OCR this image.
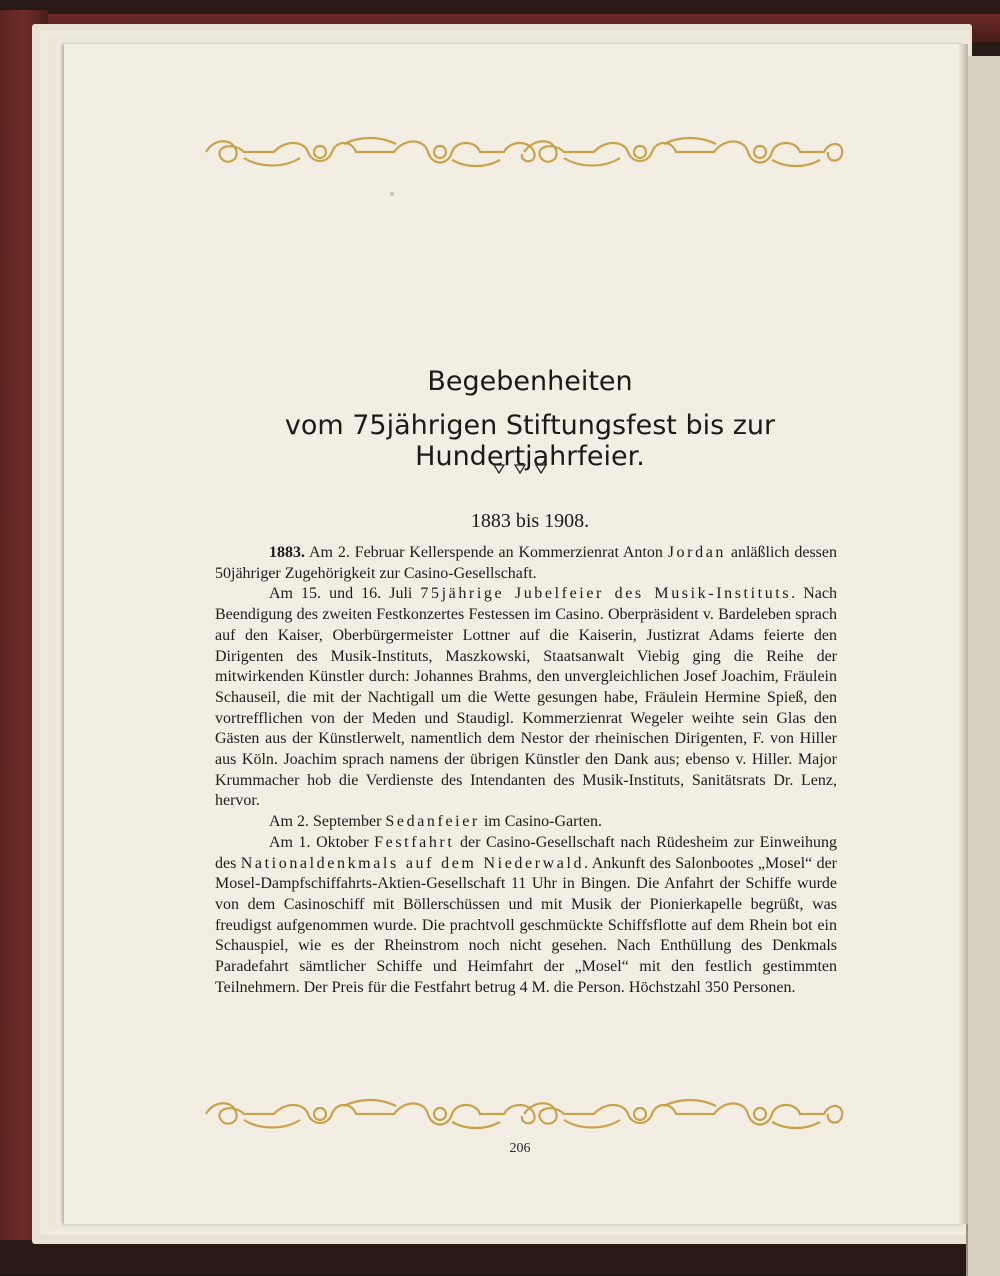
Begebenheiten
vom 75jährigen Stiftungsfest bis zur Hundertjahrfeier.
1883 bis 1908.

1883. Am 2. Februar Kellerspende an Kommerzienrat Anton Jordan anläßlich dessen 50jähriger Zugehörigkeit zur Casino-Gesellschaft.

Am 15. und 16. Juli 75jährige Jubelfeier des Musik-Instituts. Nach Beendigung des zweiten Festkonzertes Festessen im Casino. Oberpräsident v. Bardeleben sprach auf den Kaiser, Oberbürgermeister Lottner auf die Kaiserin, Justizrat Adams feierte den Dirigenten des Musik-Instituts, Maszkowski, Staatsanwalt Viebig ging die Reihe der mitwirkenden Künstler durch: Johannes Brahms, den unvergleichlichen Josef Joachim, Fräulein Schauseil, die mit der Nachtigall um die Wette gesungen habe, Fräulein Hermine Spieß, den vortrefflichen von der Meden und Staudigl. Kommerzienrat Wegeler weihte sein Glas den Gästen aus der Künstlerwelt, namentlich dem Nestor der rheinischen Dirigenten, F. von Hiller aus Köln. Joachim sprach namens der übrigen Künstler den Dank aus; ebenso v. Hiller. Major Krummacher hob die Verdienste des Intendanten des Musik-Instituts, Sanitätsrats Dr. Lenz, hervor.

Am 2. September Sedanfeier im Casino-Garten.

Am 1. Oktober Festfahrt der Casino-Gesellschaft nach Rüdesheim zur Einweihung des Nationaldenkmals auf dem Niederwald. Ankunft des Salonbootes „Mosel“ der Mosel-Dampfschiffahrts-Aktien-Gesellschaft 11 Uhr in Bingen. Die Anfahrt der Schiffe wurde von dem Casinoschiff mit Böllerschüssen und mit Musik der Pionierkapelle begrüßt, was freudigst aufgenommen wurde. Die prachtvoll geschmückte Schiffsflotte auf dem Rhein bot ein Schauspiel, wie es der Rheinstrom noch nicht gesehen. Nach Enthüllung des Denkmals Paradefahrt sämtlicher Schiffe und Heimfahrt der „Mosel“ mit den festlich gestimmten Teilnehmern. Der Preis für die Festfahrt betrug 4 M. die Person. Höchstzahl 350 Personen.

206
